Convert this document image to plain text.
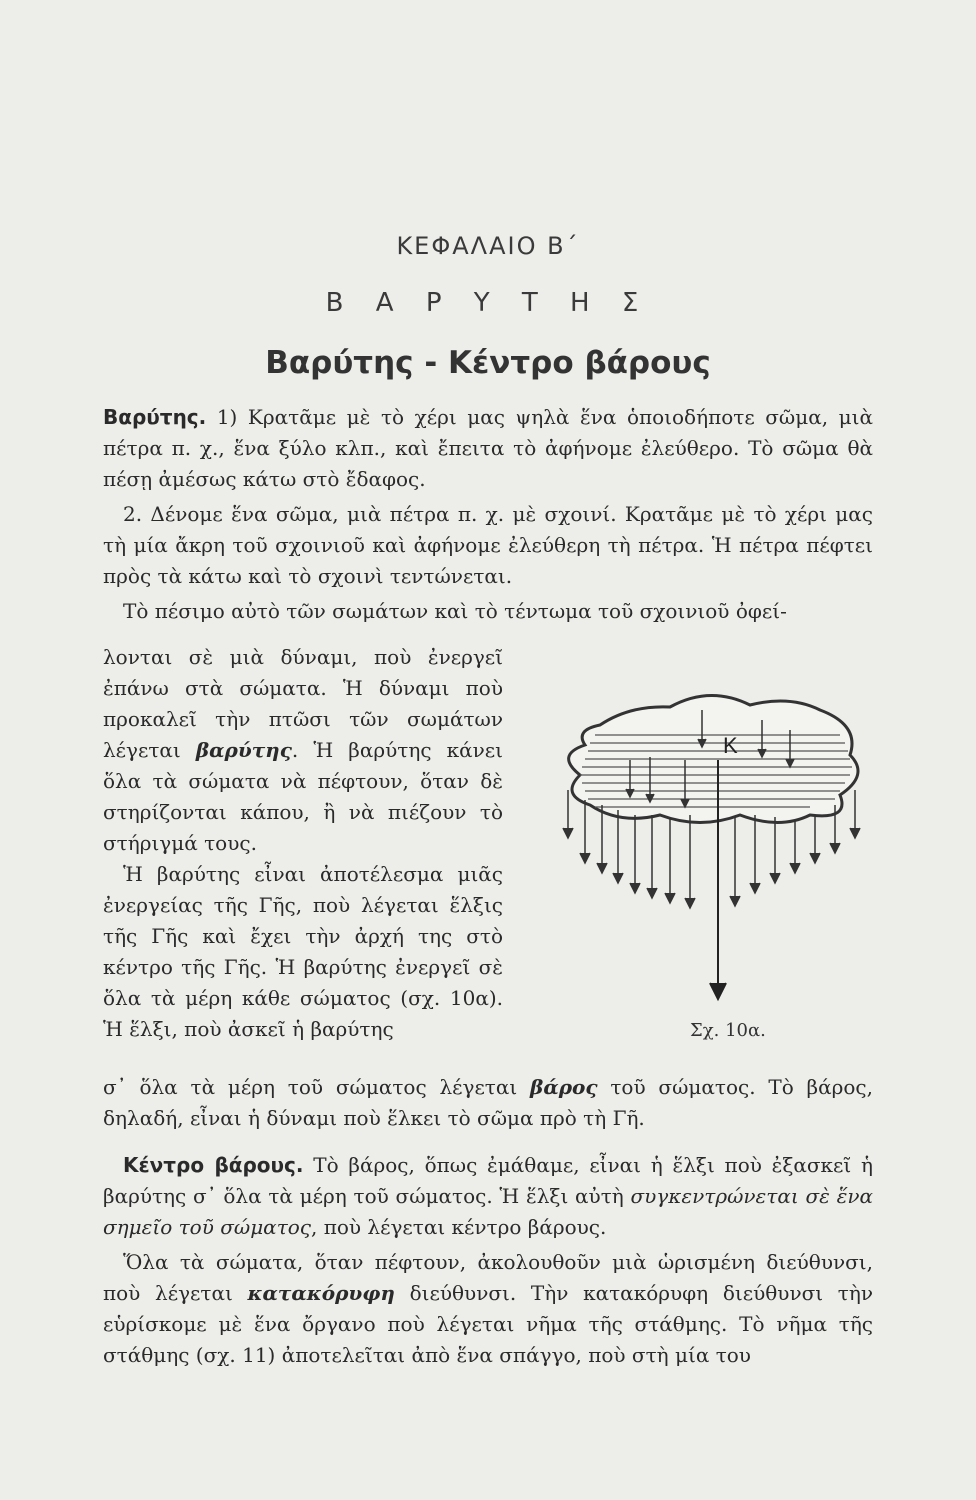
ΚΕΦΑΛΑΙΟ Β΄
Β Α Ρ Υ Τ Η Σ
Βαρύτης - Κέντρο βάρους

Βαρύτης. 1) Κρατᾶμε μὲ τὸ χέρι μας ψηλὰ ἕνα ὁποιοδήποτε σῶμα, μιὰ πέτρα π. χ., ἕνα ξύλο κλπ., καὶ ἔπειτα τὸ ἀφήνομε ἐλεύθερο. Τὸ σῶμα θὰ πέσῃ ἀμέσως κάτω στὸ ἔδαφος.

2. Δένομε ἕνα σῶμα, μιὰ πέτρα π. χ. μὲ σχοινί. Κρατᾶμε μὲ τὸ χέρι μας τὴ μία ἄκρη τοῦ σχοινιοῦ καὶ ἀφήνομε ἐλεύθερη τὴ πέτρα. Ἡ πέτρα πέφτει πρὸς τὰ κάτω καὶ τὸ σχοινὶ τεντώνεται.

Τὸ πέσιμο αὐτὸ τῶν σωμάτων καὶ τὸ τέντωμα τοῦ σχοινιοῦ ὀφεί-

λονται σὲ μιὰ δύναμι, ποὺ ἐνεργεῖ ἐπάνω στὰ σώματα. Ἡ δύναμι ποὺ προκαλεῖ τὴν πτῶσι τῶν σωμάτων λέγεται βαρύτης. Ἡ βαρύτης κάνει ὅλα τὰ σώματα νὰ πέφτουν, ὅταν δὲ στηρίζονται κάπου, ἢ νὰ πιέζουν τὸ στήριγμά τους.

Ἡ βαρύτης εἶναι ἀποτέλεσμα μιᾶς ἐνεργείας τῆς Γῆς, ποὺ λέγεται ἕλξις τῆς Γῆς καὶ ἔχει τὴν ἀρχή της στὸ κέντρο τῆς Γῆς. Ἡ βαρύτης ἐνεργεῖ σὲ ὅλα τὰ μέρη κάθε σώματος (σχ. 10α). Ἡ ἕλξι, ποὺ ἀσκεῖ ἡ βαρύτης

K
Σχ. 10α.

σ᾽ ὅλα τὰ μέρη τοῦ σώματος λέγεται βάρος τοῦ σώματος. Τὸ βάρος, δηλαδή, εἶναι ἡ δύναμι ποὺ ἕλκει τὸ σῶμα πρὸ τὴ Γῆ.

Κέντρο βάρους. Τὸ βάρος, ὅπως ἐμάθαμε, εἶναι ἡ ἕλξι ποὺ ἐξασκεῖ ἡ βαρύτης σ᾽ ὅλα τὰ μέρη τοῦ σώματος. Ἡ ἕλξι αὐτὴ συγκεντρώνεται σὲ ἕνα σημεῖο τοῦ σώματος, ποὺ λέγεται κέντρο βάρους.

Ὅλα τὰ σώματα, ὅταν πέφτουν, ἀκολουθοῦν μιὰ ὡρισμένη διεύθυνσι, ποὺ λέγεται κατακόρυφη διεύθυνσι. Τὴν κατακόρυφη διεύθυνσι τὴν εὑρίσκομε μὲ ἕνα ὄργανο ποὺ λέγεται νῆμα τῆς στάθμης. Τὸ νῆμα τῆς στάθμης (σχ. 11) ἀποτελεῖται ἀπὸ ἕνα σπάγγο, ποὺ στὴ μία του
